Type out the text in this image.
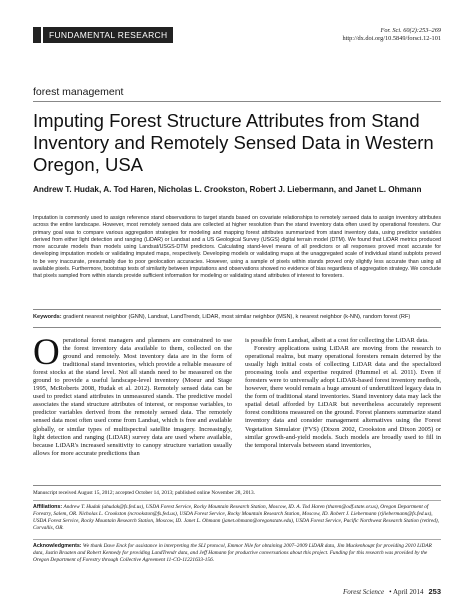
FUNDAMENTAL RESEARCH	For. Sci. 60(2):253–269
http://dx.doi.org/10.5849/forsci.12-101
forest management
Imputing Forest Structure Attributes from Stand Inventory and Remotely Sensed Data in Western Oregon, USA

Andrew T. Hudak, A. Tod Haren, Nicholas L. Crookston, Robert J. Liebermann, and Janet L. Ohmann

Imputation is commonly used to assign reference stand observations to target stands based on covariate relationships to remotely sensed data to assign inventory attributes across the entire landscape. However, most remotely sensed data are collected at higher resolution than the stand inventory data often used by operational foresters. Our primary goal was to compare various aggregation strategies for modeling and mapping forest attributes summarized from stand inventory data, using predictor variables derived from either light detection and ranging (LiDAR) or Landsat and a US Geological Survey (USGS) digital terrain model (DTM). We found that LiDAR metrics produced more accurate models than models using Landsat/USGS-DTM predictors. Calculating stand-level means of all predictors or all responses proved most accurate for developing imputation models or validating imputed maps, respectively. Developing models or validating maps at the unaggregated scale of individual stand subplots proved to be very inaccurate, presumably due to poor geolocation accuracies. However, using a sample of pixels within stands proved only slightly less accurate than using all available pixels. Furthermore, bootstrap tests of similarity between imputations and observations showed no evidence of bias regardless of aggregation strategy. We conclude that pixels sampled from within stands provide sufficient information for modeling or validating stand attributes of interest to foresters.

Keywords: gradient nearest neighbor (GNN), Landsat, LandTrendr, LiDAR, most similar neighbor (MSN), k nearest neighbor (k-NN), random forest (RF)

O perational forest managers and planners are constrained to use the forest inventory data available to them, collected on the ground and remotely. Most inventory data are in the form of traditional stand inventories, which provide a reliable measure of forest stocks at the stand level. Not all stands need to be measured on the ground to provide a useful landscape-level inventory (Moeur and Stage 1995, McRoberts 2008, Hudak et al. 2012). Remotely sensed data can be used to predict stand attributes in unmeasured stands. The predictive model associates the stand structure attributes of interest, or response variables, to predictor variables derived from the remotely sensed data. The remotely sensed data most often used come from Landsat, which is free and available globally, or similar types of multispectral satellite imagery. Increasingly, light detection and ranging (LiDAR) survey data are used where available, because LiDAR's increased sensitivity to canopy structure variation usually allows for more accurate predictions than

is possible from Landsat, albeit at a cost for collecting the LiDAR data.

Forestry applications using LiDAR are moving from the research to operational realms, but many operational foresters remain deterred by the usually high initial costs of collecting LiDAR data and the specialized processing tools and expertise required (Hummel et al. 2011). Even if foresters were to universally adopt LiDAR-based forest inventory methods, however, there would remain a huge amount of underutilized legacy data in the form of traditional stand inventories. Stand inventory data may lack the spatial detail afforded by LiDAR but nevertheless accurately represent forest conditions measured on the ground. Forest planners summarize stand inventory data and consider management alternatives using the Forest Vegetation Simulator (FVS) (Dixon 2002, Crookston and Dixon 2005) or similar growth-and-yield models. Such models are broadly used to fill in the temporal intervals between stand inventories,

Manuscript received August 15, 2012; accepted October 14, 2013; published online November 28, 2013.

Affiliations: Andrew T. Hudak (ahudak@fs.fed.us), USDA Forest Service, Rocky Mountain Research Station, Moscow, ID. A. Tod Haren (tharen@odf.state.or.us), Oregon Department of Forestry, Salem, OR. Nicholas L. Crookston (ncrookston@fs.fed.us), USDA Forest Service, Rocky Mountain Research Station, Moscow, ID. Robert J. Liebermann (rjliebermann@fs.fed.us), USDA Forest Service, Rocky Mountain Research Station, Moscow, ID. Janet L. Ohmann (janet.ohmann@oregonstate.edu), USDA Forest Service, Pacific Northwest Research Station (retired), Corvallis, OR.

Acknowledgments: We thank Dave Enck for assistance in interpreting the SLI protocol, Emmor Nile for obtaining 2007–2009 LiDAR data, Jim Muckenhoupt for providing 2010 LiDAR data, Justin Braaten and Robert Kennedy for providing LandTrendr data, and Jeff Hamann for productive conversations about this project. Funding for this research was provided by the Oregon Department of Forestry through Collective Agreement 11-CO-11221633-156.

Forest Science • April 2014 253
